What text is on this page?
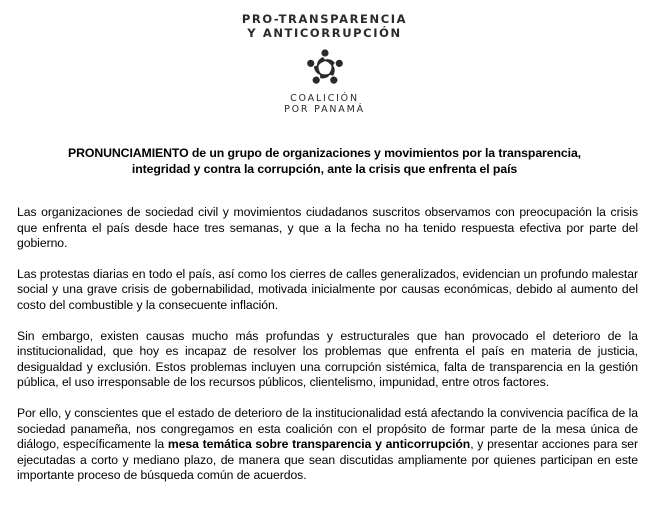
PRO-TRANSPARENCIA
Y ANTICORRUPCIÓN
COALICIÓN
POR PANAMÁ
PRONUNCIAMIENTO de un grupo de organizaciones y movimientos por la transparencia,
integridad y contra la corrupción, ante la crisis que enfrenta el país

Las organizaciones de sociedad civil y movimientos ciudadanos suscritos observamos con preocupación la crisis que enfrenta el país desde hace tres semanas, y que a la fecha no ha tenido respuesta efectiva por parte del gobierno.

Las protestas diarias en todo el país, así como los cierres de calles generalizados, evidencian un profundo malestar social y una grave crisis de gobernabilidad, motivada inicialmente por causas económicas, debido al aumento del costo del combustible y la consecuente inflación.

Sin embargo, existen causas mucho más profundas y estructurales que han provocado el deterioro de la institucionalidad, que hoy es incapaz de resolver los problemas que enfrenta el país en materia de justicia, desigualdad y exclusión. Estos problemas incluyen una corrupción sistémica, falta de transparencia en la gestión pública, el uso irresponsable de los recursos públicos, clientelismo, impunidad, entre otros factores.

Por ello, y conscientes que el estado de deterioro de la institucionalidad está afectando la convivencia pacífica de la sociedad panameña, nos congregamos en esta coalición con el propósito de formar parte de la mesa única de diálogo, específicamente la mesa temática sobre transparencia y anticorrupción, y presentar acciones para ser ejecutadas a corto y mediano plazo, de manera que sean discutidas ampliamente por quienes participan en este importante proceso de búsqueda común de acuerdos.
